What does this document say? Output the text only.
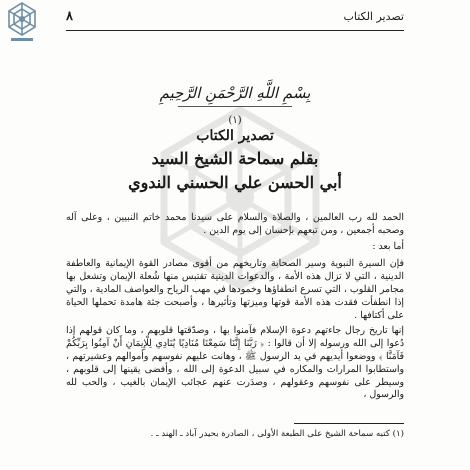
تصدير الكتاب
٨
بِسْمِ اللَّهِ الرَّحْمَنِ الرَّحِيمِ
(١)
تصدير الكتاب
بقلم سماحة الشيخ السيد
أبي الحسن علي الحسني الندوي

الحمد لله رب العالمين ، والصلاة والسلام على سيدنا محمد خاتم النبيين ، وعلى آله وصحبه أجمعين ، ومن تبعهم بإحسان إلى يوم الدين .

أما بعد :

فإن السيرة النبوية وسير الصحابة وتاريخهم من أقوى مصادر القوة الإيمانية والعاطفة الدينية ، التي لا تزال هذه الأمة ، والدعوات الدينية تقتبس منها شُعلة الإيمان وتشعل بها مجامر القلوب ، التي تسرع انطفاؤها وخمودها في مهب الرياح والعواصف المادية ، والتي إذا انطفأت فقدت هذه الأمة قوتها وميزتها وتأثيرها ، وأصبحت جثة هامدة تحملها الحياة على أكتافها .

إنها تاريخ رجال جاءتهم دعوة الإسلام فآمنوا بها ، وصدّقتها قلوبهم ، وما كان قولهم إذا دُعوا إلى الله ورسوله إلا أن قالوا : ﴿ رَبَّنَا إِنَّنَا سَمِعْنَا مُنَادِيًا يُنَادِي لِلْإِيمَانِ أَنْ آمِنُوا بِرَبِّكُمْ فَآمَنَّا ﴾ ووضعوا أيديهم في يد الرسول ﷺ ، وهانت عليهم نفوسهم وأموالهم وعشيرتهم ، واستطابوا المرارات والمكاره في سبيل الدعوة إلى الله ، وأفضى يقينها إلى قلوبهم ، وسيطر على نفوسهم وعقولهم ، وصدَرت عنهم عجائب الإيمان بالغيب ، والحب لله والرسول ،

(١) كتبه سماحة الشيخ على الطبعة الأولى ، الصادرة بحيدر آباد ـ الهند ـ .
